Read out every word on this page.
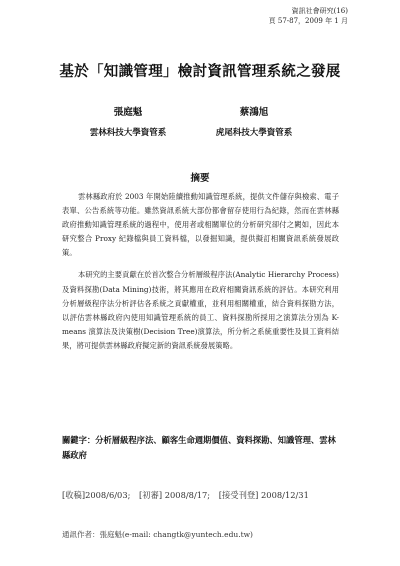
資訊社會研究(16)
頁 57-87，2009 年 1 月
基於「知識管理」檢討資訊管理系統之發展
張庭魁
雲林科技大學資管系
蔡鴻旭
虎尾科技大學資管系
摘要

雲林縣政府於 2003 年開始陸續推動知識管理系統，提供文件儲存與檢索、電子表單、公告系統等功能。雖然資訊系統大部份都會留存使用行為紀錄，然而在雲林縣政府推動知識管理系統的過程中，使用者或相關單位的分析研究卻付之闕如，因此本研究整合 Proxy 紀錄檔與員工資料檔，以發掘知識，提供擬訂相關資訊系統發展政策。

本研究的主要貢獻在於首次整合分析層級程序法(Analytic Hierarchy Process)及資料探勘(Data Mining)技術，將其應用在政府相關資訊系統的評估。本研究利用分析層級程序法分析評估各系統之貢獻權重，並利用相關權重，結合資料探勘方法，以評估雲林縣政府內使用知識管理系統的員工、資料探勘所採用之演算法分別為 K-means 演算法及決策樹(Decision Tree)演算法，所分析之系統重要性及員工資料結果，將可提供雲林縣政府擬定新的資訊系統發展策略。

關鍵字：分析層級程序法、顧客生命週期價值、資料探勘、知識管理、雲林縣政府
[收稿]2008/6/03; [初審] 2008/8/17; [接受刊登] 2008/12/31
通訊作者：張庭魁(e-mail: changtk@yuntech.edu.tw)
